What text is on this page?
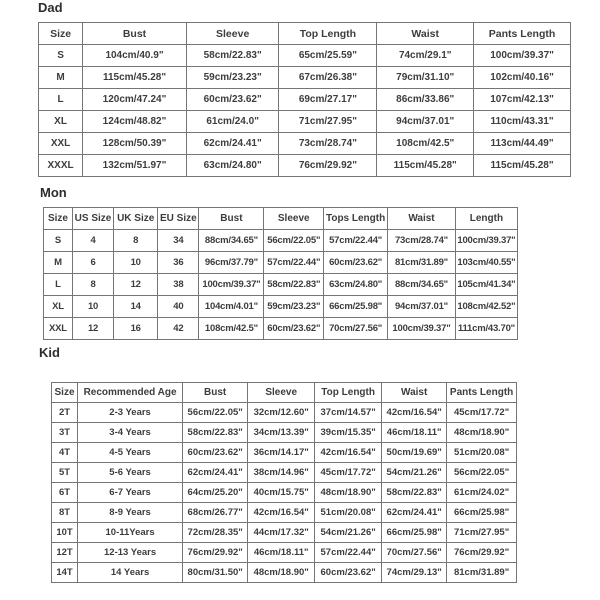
Dad
Size	Bust	Sleeve	Top Length	Waist	Pants Length
S	104cm/40.9"	58cm/22.83"	65cm/25.59"	74cm/29.1"	100cm/39.37"
M	115cm/45.28"	59cm/23.23"	67cm/26.38"	79cm/31.10"	102cm/40.16"
L	120cm/47.24"	60cm/23.62"	69cm/27.17"	86cm/33.86"	107cm/42.13"
XL	124cm/48.82"	61cm/24.0"	71cm/27.95"	94cm/37.01"	110cm/43.31"
XXL	128cm/50.39"	62cm/24.41"	73cm/28.74"	108cm/42.5"	113cm/44.49"
XXXL	132cm/51.97"	63cm/24.80"	76cm/29.92"	115cm/45.28"	115cm/45.28"
Mon
Size	US Size	UK Size	EU Size	Bust	Sleeve	Tops Length	Waist	Length
S	4	8	34	88cm/34.65"	56cm/22.05"	57cm/22.44"	73cm/28.74"	100cm/39.37"
M	6	10	36	96cm/37.79"	57cm/22.44"	60cm/23.62"	81cm/31.89"	103cm/40.55"
L	8	12	38	100cm/39.37"	58cm/22.83"	63cm/24.80"	88cm/34.65"	105cm/41.34"
XL	10	14	40	104cm/4.01"	59cm/23.23"	66cm/25.98"	94cm/37.01"	108cm/42.52"
XXL	12	16	42	108cm/42.5"	60cm/23.62"	70cm/27.56"	100cm/39.37"	111cm/43.70"
Kid
Size	Recommended Age	Bust	Sleeve	Top Length	Waist	Pants Length
2T	2-3 Years	56cm/22.05"	32cm/12.60"	37cm/14.57"	42cm/16.54"	45cm/17.72"
3T	3-4 Years	58cm/22.83"	34cm/13.39"	39cm/15.35"	46cm/18.11"	48cm/18.90"
4T	4-5 Years	60cm/23.62"	36cm/14.17"	42cm/16.54"	50cm/19.69"	51cm/20.08"
5T	5-6 Years	62cm/24.41"	38cm/14.96"	45cm/17.72"	54cm/21.26"	56cm/22.05"
6T	6-7 Years	64cm/25.20"	40cm/15.75"	48cm/18.90"	58cm/22.83"	61cm/24.02"
8T	8-9 Years	68cm/26.77"	42cm/16.54"	51cm/20.08"	62cm/24.41"	66cm/25.98"
10T	10-11Years	72cm/28.35"	44cm/17.32"	54cm/21.26"	66cm/25.98"	71cm/27.95"
12T	12-13 Years	76cm/29.92"	46cm/18.11"	57cm/22.44"	70cm/27.56"	76cm/29.92"
14T	14 Years	80cm/31.50"	48cm/18.90"	60cm/23.62"	74cm/29.13"	81cm/31.89"
